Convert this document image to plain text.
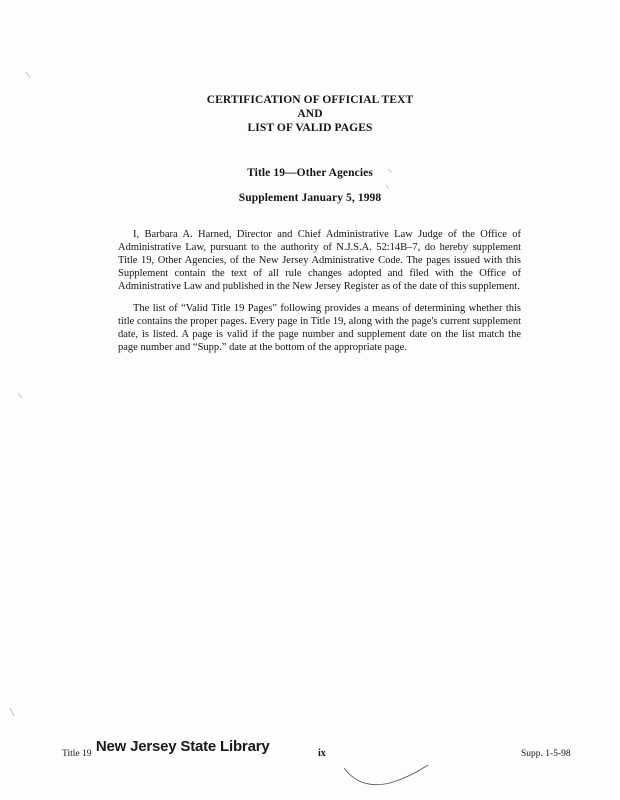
CERTIFICATION OF OFFICIAL TEXT
AND
LIST OF VALID PAGES
Title 19—Other Agencies
Supplement January 5, 1998

I, Barbara A. Harned, Director and Chief Administrative Law Judge of the Office of Administrative Law, pursuant to the authority of N.J.S.A. 52:14B–7, do hereby supplement Title 19, Other Agencies, of the New Jersey Administrative Code. The pages issued with this Supplement contain the text of all rule changes adopted and filed with the Office of Administrative Law and published in the New Jersey Register as of the date of this supplement.

The list of “Valid Title 19 Pages” following provides a means of determining whether this title contains the proper pages. Every page in Title 19, along with the page's current supplement date, is listed. A page is valid if the page number and supplement date on the list match the page number and “Supp.” date at the bottom of the appropriate page.

Title 19 New Jersey State Library	ix	Supp. 1-5-98
